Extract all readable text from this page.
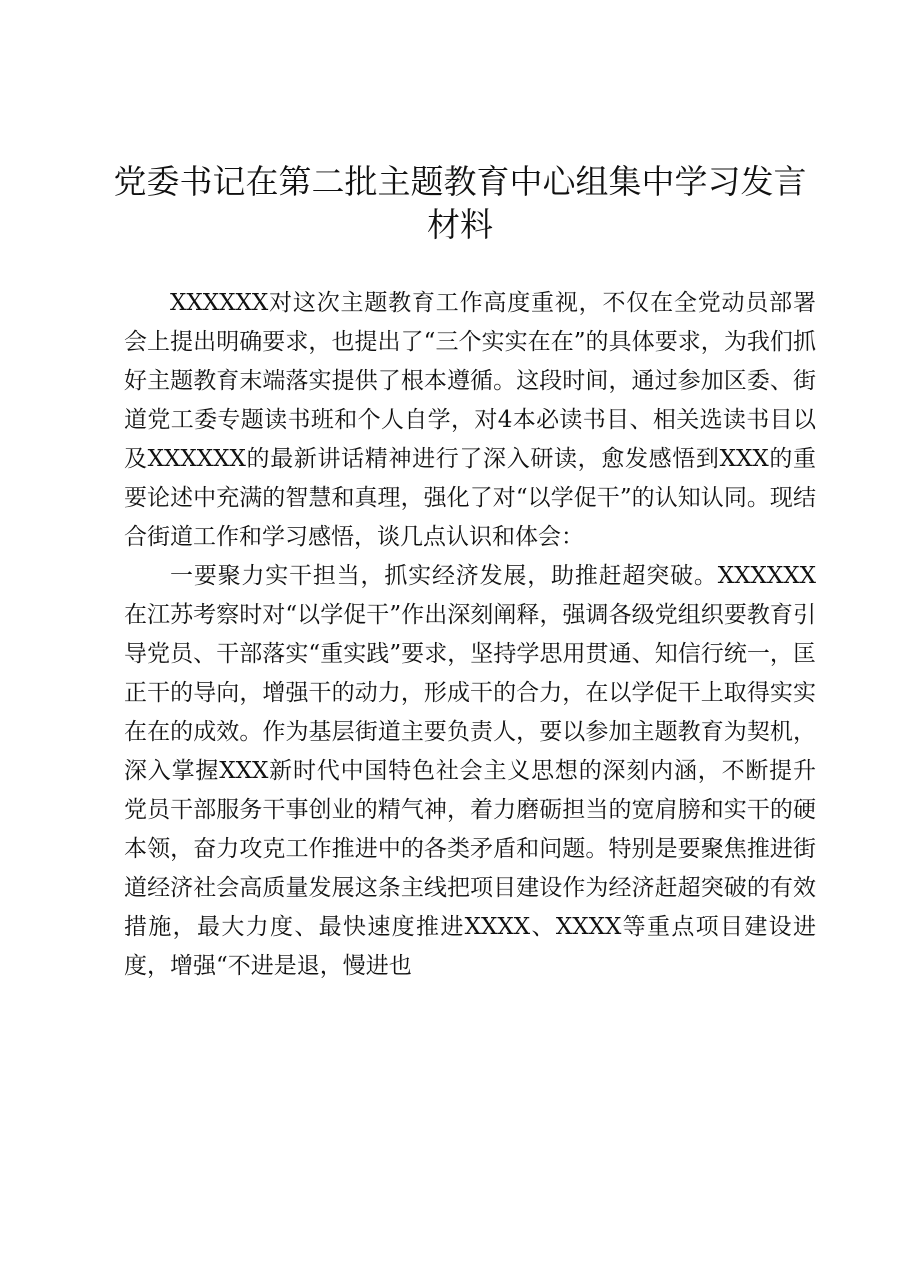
党委书记在第二批主题教育中心组集中学习发言材料

XXXXXX对这次主题教育工作高度重视，不仅在全党动员部署会上提出明确要求，也提出了“三个实实在在”的具体要求，为我们抓好主题教育末端落实提供了根本遵循。这段时间，通过参加区委、街道党工委专题读书班和个人自学，对4本必读书目、相关选读书目以及XXXXXX的最新讲话精神进行了深入研读，愈发感悟到XXX的重要论述中充满的智慧和真理，强化了对“以学促干”的认知认同。现结合街道工作和学习感悟，谈几点认识和体会：

一要聚力实干担当，抓实经济发展，助推赶超突破。XXXXXX在江苏考察时对“以学促干”作出深刻阐释，强调各级党组织要教育引导党员、干部落实“重实践”要求，坚持学思用贯通、知信行统一，匡正干的导向，增强干的动力，形成干的合力，在以学促干上取得实实在在的成效。作为基层街道主要负责人，要以参加主题教育为契机，深入掌握XXX新时代中国特色社会主义思想的深刻内涵，不断提升党员干部服务干事创业的精气神，着力磨砺担当的宽肩膀和实干的硬本领，奋力攻克工作推进中的各类矛盾和问题。特别是要聚焦推进街道经济社会高质量发展这条主线把项目建设作为经济赶超突破的有效措施，最大力度、最快速度推进XXXX、XXXX等重点项目建设进度，增强“不进是退，慢进也
